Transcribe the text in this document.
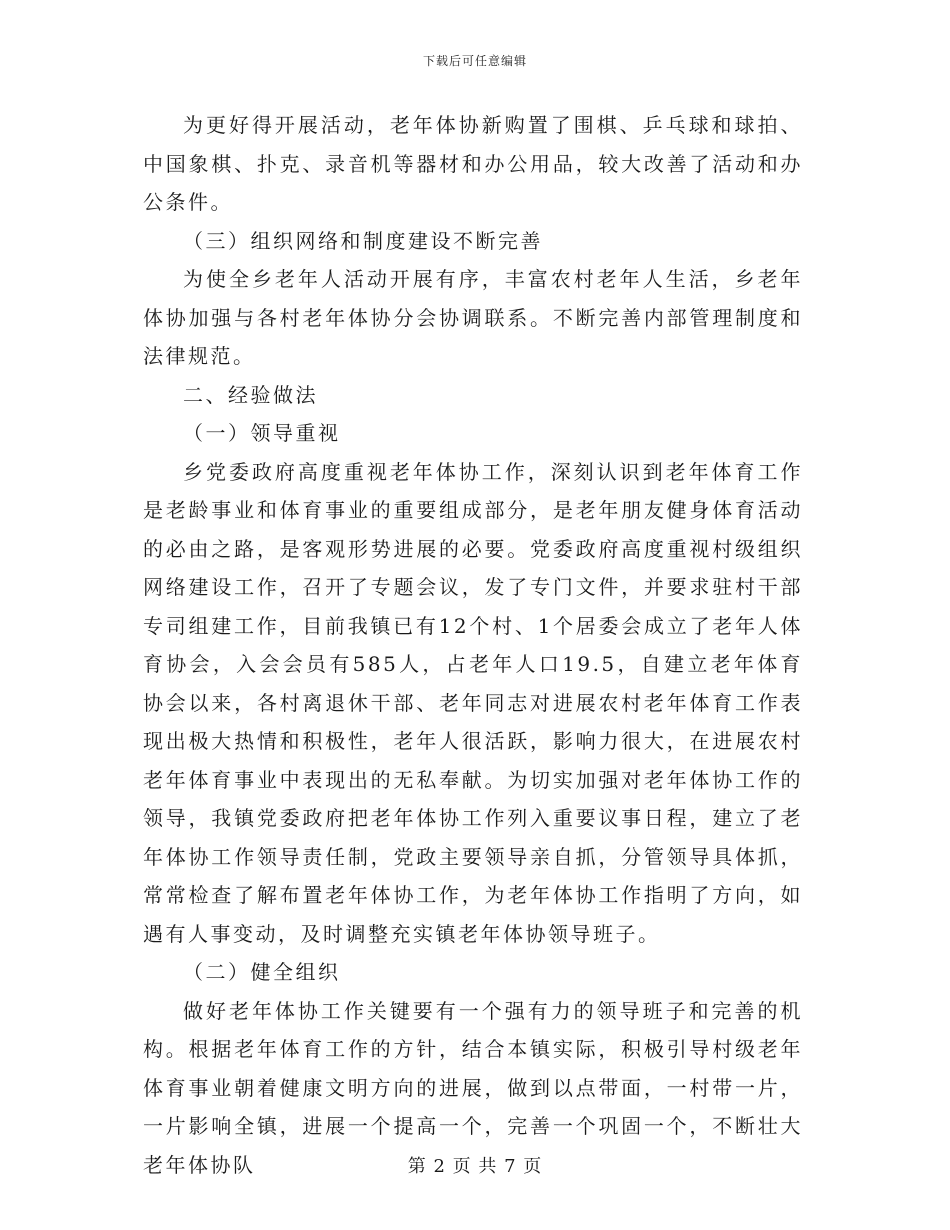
下载后可任意编辑

为更好得开展活动，老年体协新购置了围棋、乒乓球和球拍、中国象棋、扑克、录音机等器材和办公用品，较大改善了活动和办公条件。

（三）组织网络和制度建设不断完善

为使全乡老年人活动开展有序，丰富农村老年人生活，乡老年体协加强与各村老年体协分会协调联系。不断完善内部管理制度和法律规范。

二、经验做法

（一）领导重视

乡党委政府高度重视老年体协工作，深刻认识到老年体育工作是老龄事业和体育事业的重要组成部分，是老年朋友健身体育活动的必由之路，是客观形势进展的必要。党委政府高度重视村级组织网络建设工作，召开了专题会议，发了专门文件，并要求驻村干部专司组建工作，目前我镇已有12个村、1个居委会成立了老年人体育协会，入会会员有585人，占老年人口19.5，自建立老年体育协会以来，各村离退休干部、老年同志对进展农村老年体育工作表现出极大热情和积极性，老年人很活跃，影响力很大，在进展农村老年体育事业中表现出的无私奉献。为切实加强对老年体协工作的领导，我镇党委政府把老年体协工作列入重要议事日程，建立了老年体协工作领导责任制，党政主要领导亲自抓，分管领导具体抓，常常检查了解布置老年体协工作，为老年体协工作指明了方向，如遇有人事变动，及时调整充实镇老年体协领导班子。

（二）健全组织

做好老年体协工作关键要有一个强有力的领导班子和完善的机构。根据老年体育工作的方针，结合本镇实际，积极引导村级老年体育事业朝着健康文明方向的进展，做到以点带面，一村带一片，一片影响全镇，进展一个提高一个，完善一个巩固一个，不断壮大老年体协队	第 2 页 共 7 页
